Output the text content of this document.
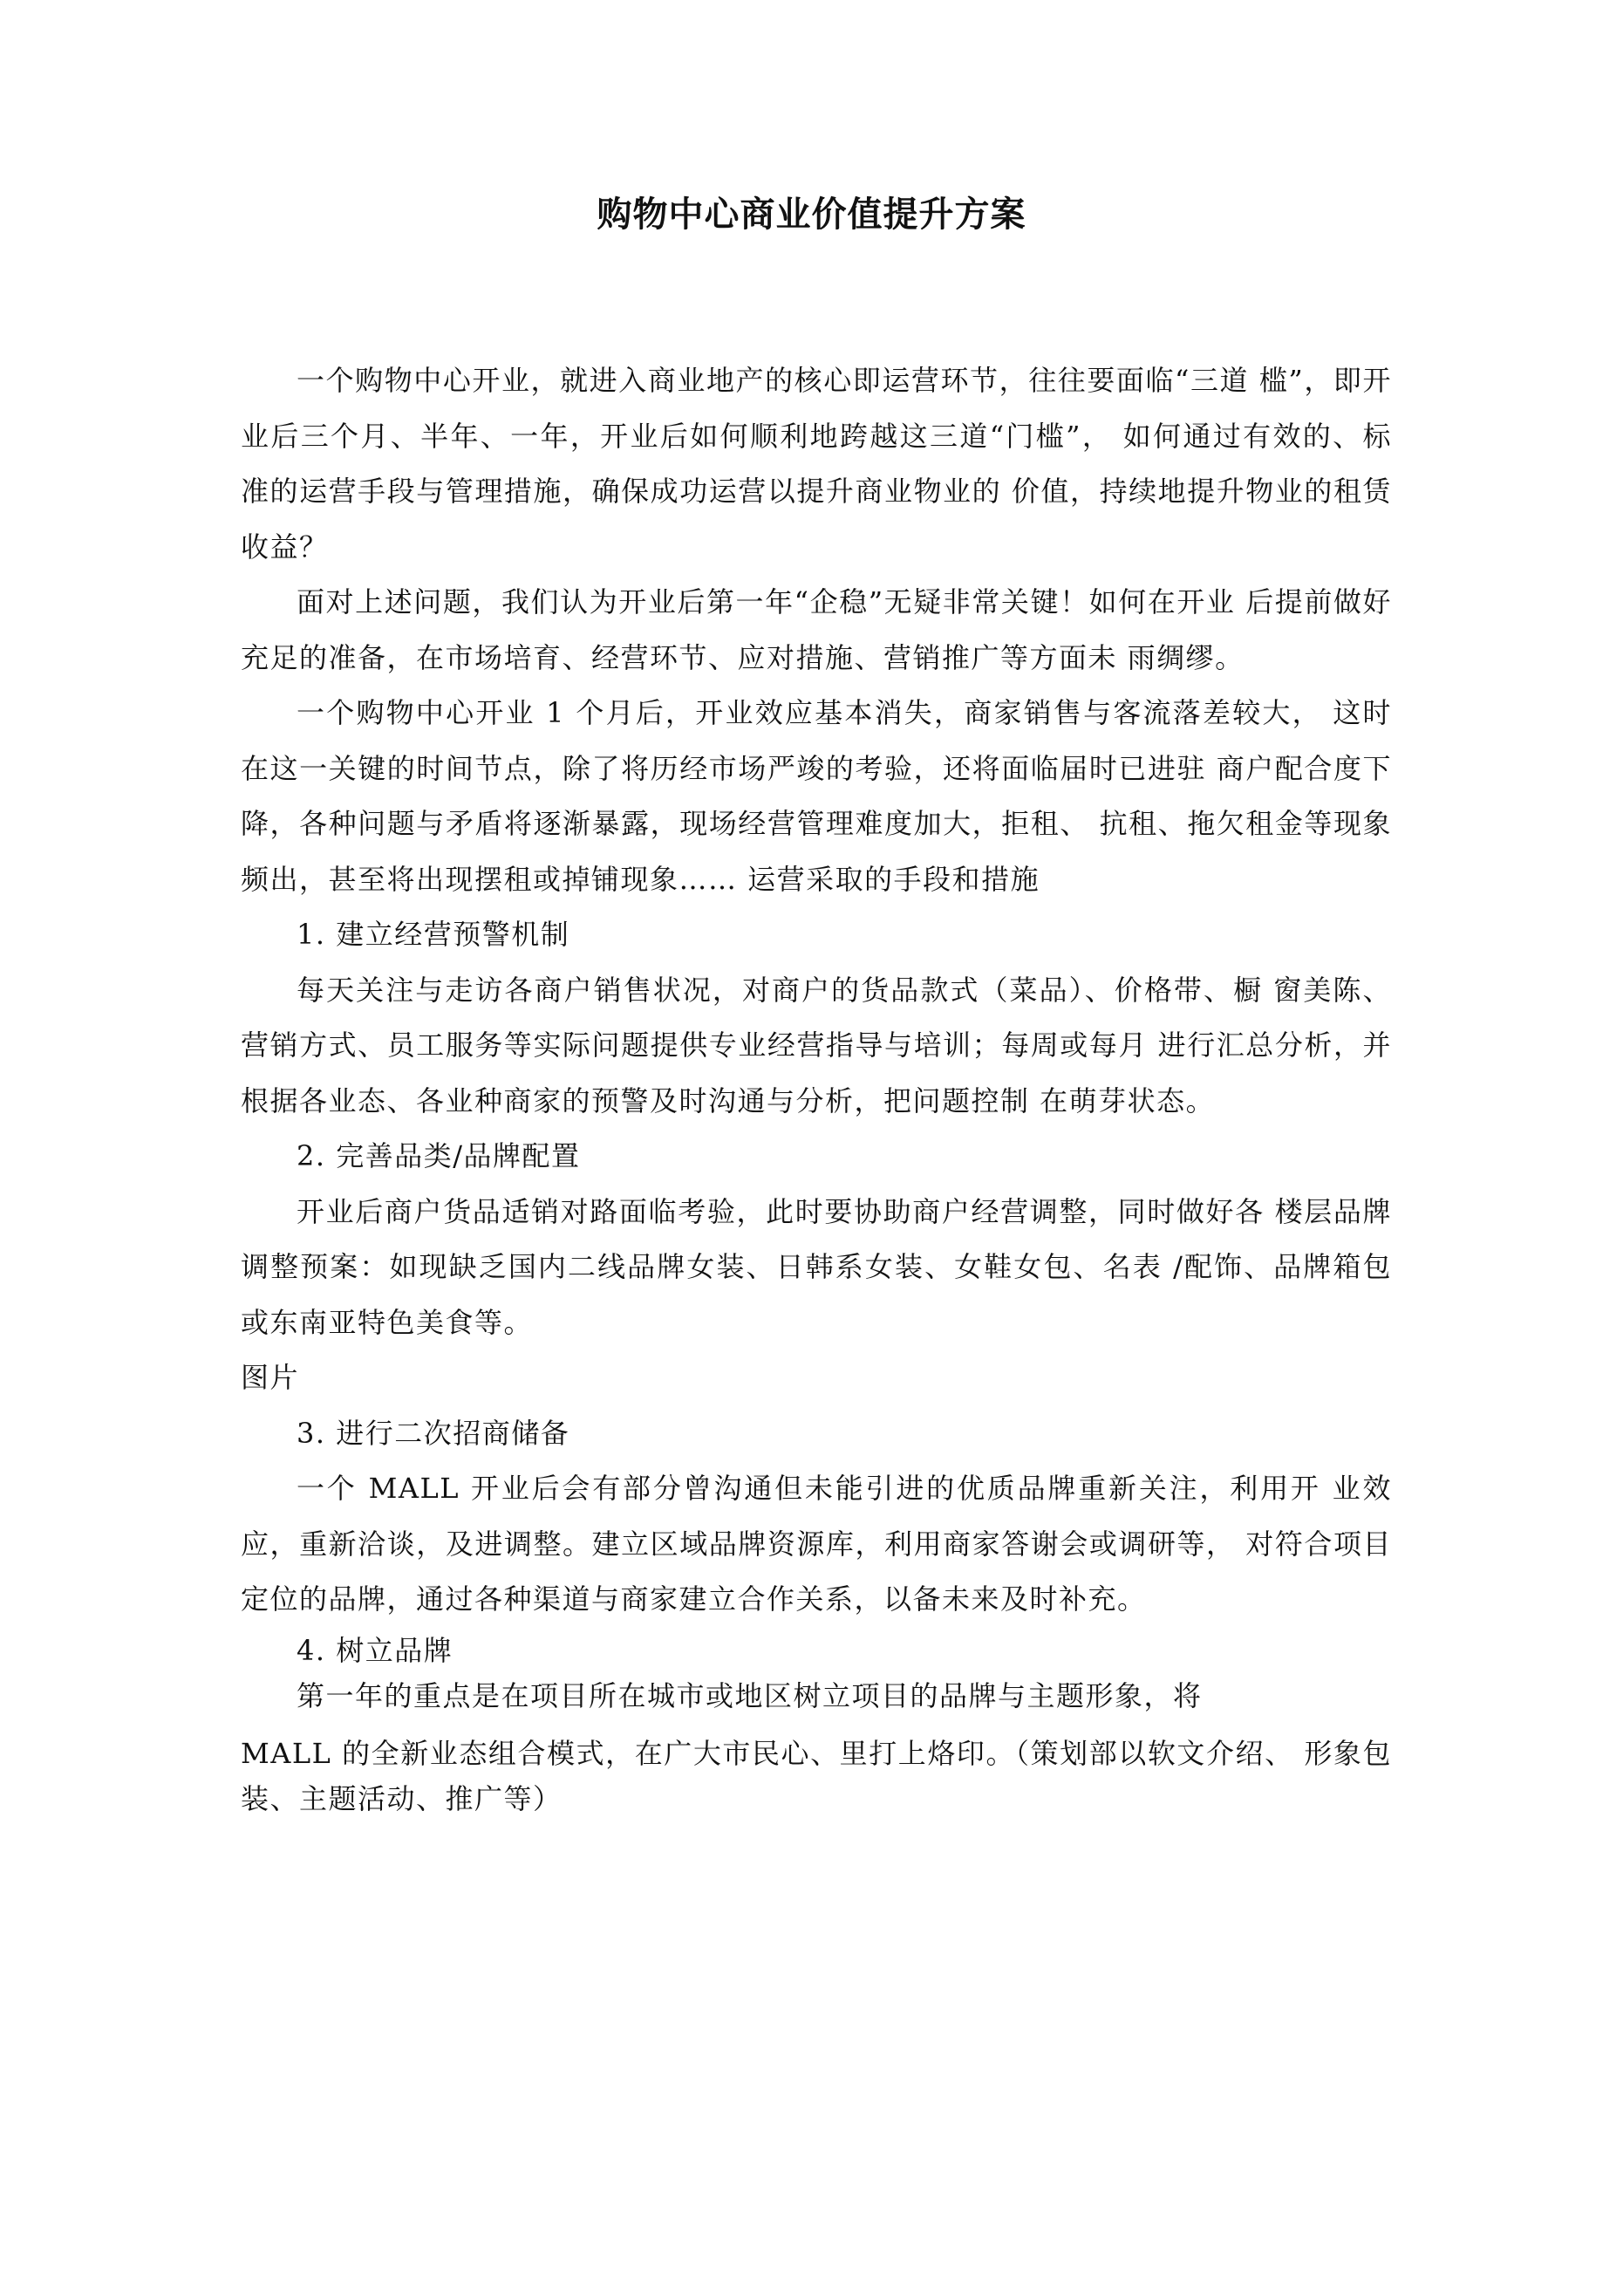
购物中心商业价值提升方案

一个购物中心开业，就进入商业地产的核心即运营环节，往往要面临“三道 槛”，即开业后三个月、半年、一年，开业后如何顺利地跨越这三道“门槛”， 如何通过有效的、标准的运营手段与管理措施，确保成功运营以提升商业物业的 价值，持续地提升物业的租赁收益？

面对上述问题，我们认为开业后第一年“企稳”无疑非常关键！如何在开业 后提前做好充足的准备，在市场培育、经营环节、应对措施、营销推广等方面未 雨绸缪。

一个购物中心开业 1 个月后，开业效应基本消失，商家销售与客流落差较大， 这时在这一关键的时间节点，除了将历经市场严竣的考验，还将面临届时已进驻 商户配合度下降，各种问题与矛盾将逐渐暴露，现场经营管理难度加大，拒租、 抗租、拖欠租金等现象频出，甚至将出现摆租或掉铺现象…… 运营采取的手段和措施

1. 建立经营预警机制

每天关注与走访各商户销售状况，对商户的货品款式（菜品）、价格带、橱 窗美陈、营销方式、员工服务等实际问题提供专业经营指导与培训；每周或每月 进行汇总分析，并根据各业态、各业种商家的预警及时沟通与分析，把问题控制 在萌芽状态。

2. 完善品类/品牌配置

开业后商户货品适销对路面临考验，此时要协助商户经营调整，同时做好各 楼层品牌调整预案：如现缺乏国内二线品牌女装、日韩系女装、女鞋女包、名表 /配饰、品牌箱包或东南亚特色美食等。

图片

3. 进行二次招商储备

一个 MALL 开业后会有部分曾沟通但未能引进的优质品牌重新关注，利用开 业效应，重新洽谈，及进调整。建立区域品牌资源库，利用商家答谢会或调研等， 对符合项目定位的品牌，通过各种渠道与商家建立合作关系，以备未来及时补充。

4. 树立品牌

第一年的重点是在项目所在城市或地区树立项目的品牌与主题形象，将

MALL 的全新业态组合模式，在广大市民心、里打上烙印。（策划部以软文介绍、 形象包装、主题活动、推广等）
